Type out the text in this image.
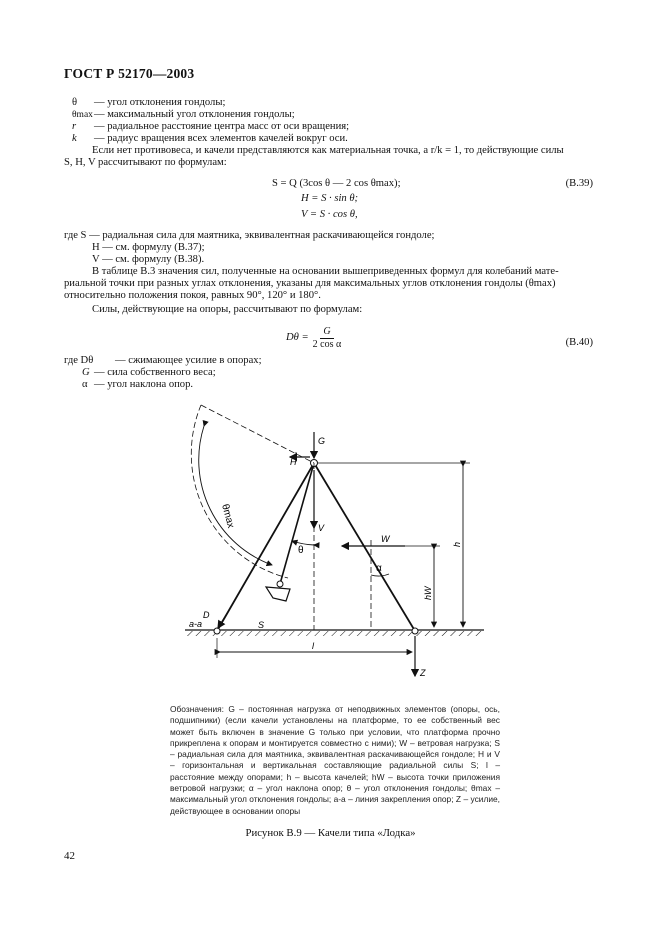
ГОСТ Р 52170—2003
θ	— угол отклонения гондолы;
θmax — максимальный угол отклонения гондолы;
r	— радиальное расстояние центра масс от оси вращения;
k	— радиус вращения всех элементов качелей вокруг оси.
Если нет противовеса, и качели представляются как материальная точка, а r/k = 1, то действующие силы
S, H, V рассчитывают по формулам:
S = Q (3cos θ — 2 cos θmax);	(В.39)
H = S · sin θ;
V = S · cos θ,
где S — радиальная сила для маятника, эквивалентная раскачивающейся гондоле;
H — см. формулу (В.37);
V — см. формулу (В.38).
В таблице В.3 значения сил, полученные на основании вышеприведенных формул для колебаний мате-
риальной точки при разных углах отклонения, указаны для максимальных углов отклонения гондолы (θmax)
относительно положения покоя, равных 90°, 120° и 180°.
Силы, действующие на опоры, рассчитывают по формулам:
$D\theta = \frac{G}{\text{2 cos α}}$	(В.40)
где Dθ	— сжимающее усилие в опорах;
G — сила собственного веса;
α — угол наклона опор.
G
H
V
W
D
S
θ
θmax
α
h
hW
l
Z
a-a
Обозначения: G – постоянная нагрузка от неподвижных элементов (опоры, ось, подшипники) (если качели установлены на платформе, то ее собственный вес может быть включен в значение G только при условии, что платформа прочно прикреплена к опорам и монтируется совместно с ними); W – ветровая нагрузка; S – радиальная сила для маятника, эквивалентная раскачивающейся гондоле; H и V – горизонтальная и вертикальная составляющие радиальной силы S; l – расстояние между опорами; h – высота качелей; hW – высота точки приложения ветровой нагрузки; α – угол наклона опор; θ – угол отклонения гондолы; θmax – максимальный угол отклонения гондолы; a-a – линия закрепления опор; Z – усилие, действующее в основании опоры
Рисунок В.9 — Качели типа «Лодка»
42
